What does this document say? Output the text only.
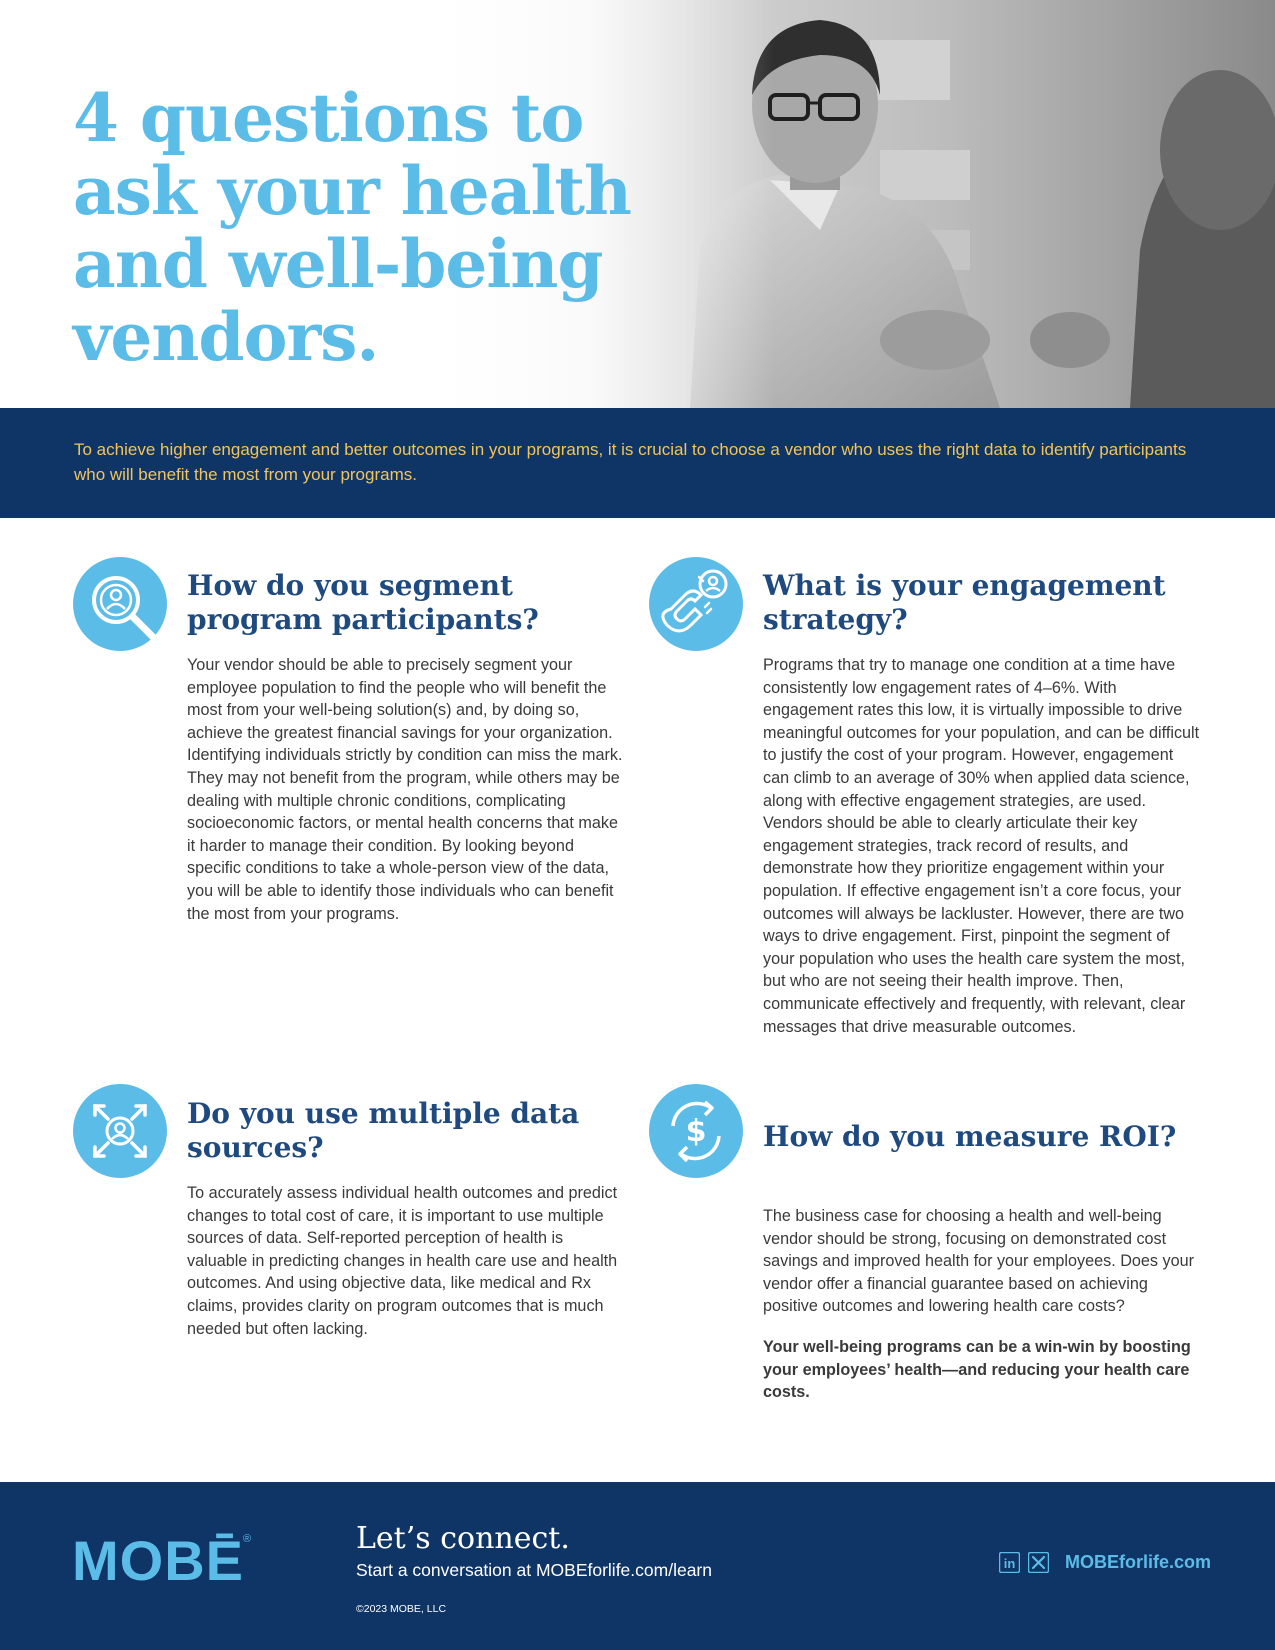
4 questions to ask your health and well-being vendors.

To achieve higher engagement and better outcomes in your programs, it is crucial to choose a vendor who uses the right data to identify participants who will benefit the most from your programs.

How do you segment program participants?

Your vendor should be able to precisely segment your employee population to find the people who will benefit the most from your well-being solution(s) and, by doing so, achieve the greatest financial savings for your organization. Identifying individuals strictly by condition can miss the mark. They may not benefit from the program, while others may be dealing with multiple chronic conditions, complicating socioeconomic factors, or mental health concerns that make it harder to manage their condition. By looking beyond specific conditions to take a whole-person view of the data, you will be able to identify those individuals who can benefit the most from your programs.

What is your engagement strategy?

Programs that try to manage one condition at a time have consistently low engagement rates of 4–6%. With engagement rates this low, it is virtually impossible to drive meaningful outcomes for your population, and can be difficult to justify the cost of your program. However, engagement can climb to an average of 30% when applied data science, along with effective engagement strategies, are used. Vendors should be able to clearly articulate their key engagement strategies, track record of results, and demonstrate how they prioritize engagement within your population. If effective engagement isn’t a core focus, your outcomes will always be lackluster. However, there are two ways to drive engagement. First, pinpoint the segment of your population who uses the health care system the most, but who are not seeing their health improve. Then, communicate effectively and frequently, with relevant, clear messages that drive measurable outcomes.

Do you use multiple data sources?

To accurately assess individual health outcomes and predict changes to total cost of care, it is important to use multiple sources of data. Self-reported perception of health is valuable in predicting changes in health care use and health outcomes. And using objective data, like medical and Rx claims, provides clarity on program outcomes that is much needed but often lacking.

$ How do you measure ROI?

The business case for choosing a health and well-being vendor should be strong, focusing on demonstrated cost savings and improved health for your employees. Does your vendor offer a financial guarantee based on achieving positive outcomes and lowering health care costs?

Your well-being programs can be a win-win by boosting your employees’ health—and reducing your health care costs.

MOBĒ ®	Let’s connect.
Start a conversation at MOBEforlife.com/learn
©2023 MOBE, LLC
in	MOBEforlife.com
